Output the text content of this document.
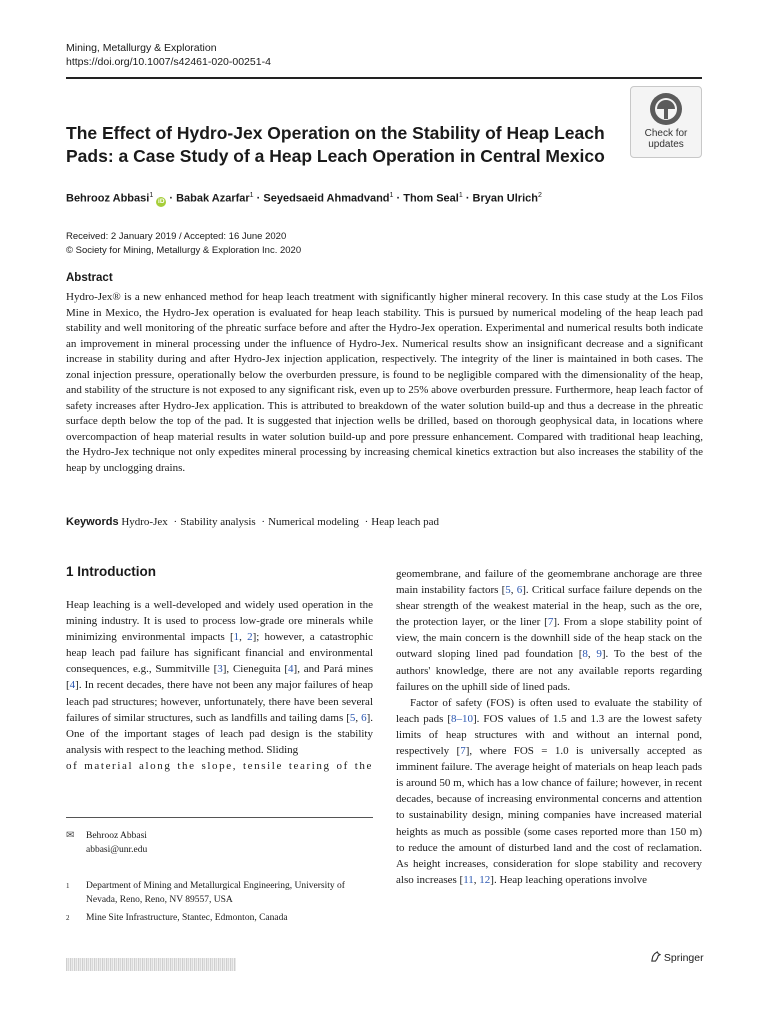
Mining, Metallurgy & Exploration
https://doi.org/10.1007/s42461-020-00251-4
Check for
updates
The Effect of Hydro-Jex Operation on the Stability of Heap Leach Pads: a Case Study of a Heap Leach Operation in Central Mexico
Behrooz Abbasi$^1$ iD · Babak Azarfar$^1$ · Seyedsaeid Ahmadvand$^1$ · Thom Seal$^1$ · Bryan Ulrich$^2$
Received: 2 January 2019 / Accepted: 16 June 2020
© Society for Mining, Metallurgy & Exploration Inc. 2020
Abstract
Hydro-Jex® is a new enhanced method for heap leach treatment with significantly higher mineral recovery. In this case study at the Los Filos Mine in Mexico, the Hydro-Jex operation is evaluated for heap leach stability. This is pursued by numerical modeling of the heap leach pad stability and well monitoring of the phreatic surface before and after the Hydro-Jex operation. Experimental and numerical results both indicate an improvement in mineral processing under the influence of Hydro-Jex. Numerical results show an insignificant decrease and a significant increase in stability during and after Hydro-Jex injection application, respectively. The integrity of the liner is maintained in both cases. The zonal injection pressure, operationally below the overburden pressure, is found to be negligible compared with the dimensionality of the heap, and stability of the structure is not exposed to any significant risk, even up to 25% above overburden pressure. Furthermore, heap leach factor of safety increases after Hydro-Jex application. This is attributed to breakdown of the water solution build-up and thus a decrease in the phreatic surface depth below the top of the pad. It is suggested that injection wells be drilled, based on thorough geophysical data, in locations where overcompaction of heap material results in water solution build-up and pore pressure enhancement. Compared with traditional heap leaching, the Hydro-Jex technique not only expedites mineral processing by increasing chemical kinetics extraction but also increases the stability of the heap by unclogging drains.
Keywords Hydro-Jex · Stability analysis · Numerical modeling · Heap leach pad
1 Introduction

Heap leaching is a well-developed and widely used operation in the mining industry. It is used to process low-grade ore minerals while minimizing environmental impacts [1, 2]; however, a catastrophic heap leach pad failure has significant financial and environmental consequences, e.g., Summitville [3], Cieneguita [4], and Pará mines [4]. In recent decades, there have not been any major failures of heap leach pad structures; however, unfortunately, there have been several failures of similar structures, such as landfills and tailing dams [5, 6]. One of the important stages of leach pad design is the stability analysis with respect to the leaching method. Sliding

of material along the slope, tensile tearing of the

geomembrane, and failure of the geomembrane anchorage are three main instability factors [5, 6]. Critical surface failure depends on the shear strength of the weakest material in the heap, such as the ore, the protection layer, or the liner [7]. From a slope stability point of view, the main concern is the downhill side of the heap stack on the outward sloping lined pad foundation [8, 9]. To the best of the authors' knowledge, there are not any available reports regarding failures on the uphill side of lined pads.

Factor of safety (FOS) is often used to evaluate the stability of leach pads [8–10]. FOS values of 1.5 and 1.3 are the lowest safety limits of heap structures with and without an internal pond, respectively [7], where FOS = 1.0 is universally accepted as imminent failure. The average height of materials on heap leach pads is around 50 m, which has a low chance of failure; however, in recent decades, because of increasing environmental concerns and attention to sustainability design, mining companies have increased material heights as much as possible (some cases reported more than 150 m) to reduce the amount of disturbed land and the cost of reclamation. As height increases, consideration for slope stability and recovery also increases [11, 12]. Heap leaching operations involve

✉ Behrooz Abbasi
abbasi@unr.edu
1 Department of Mining and Metallurgical Engineering, University of Nevada, Reno, Reno, NV 89557, USA
2 Mine Site Infrastructure, Stantec, Edmonton, Canada
Springer
